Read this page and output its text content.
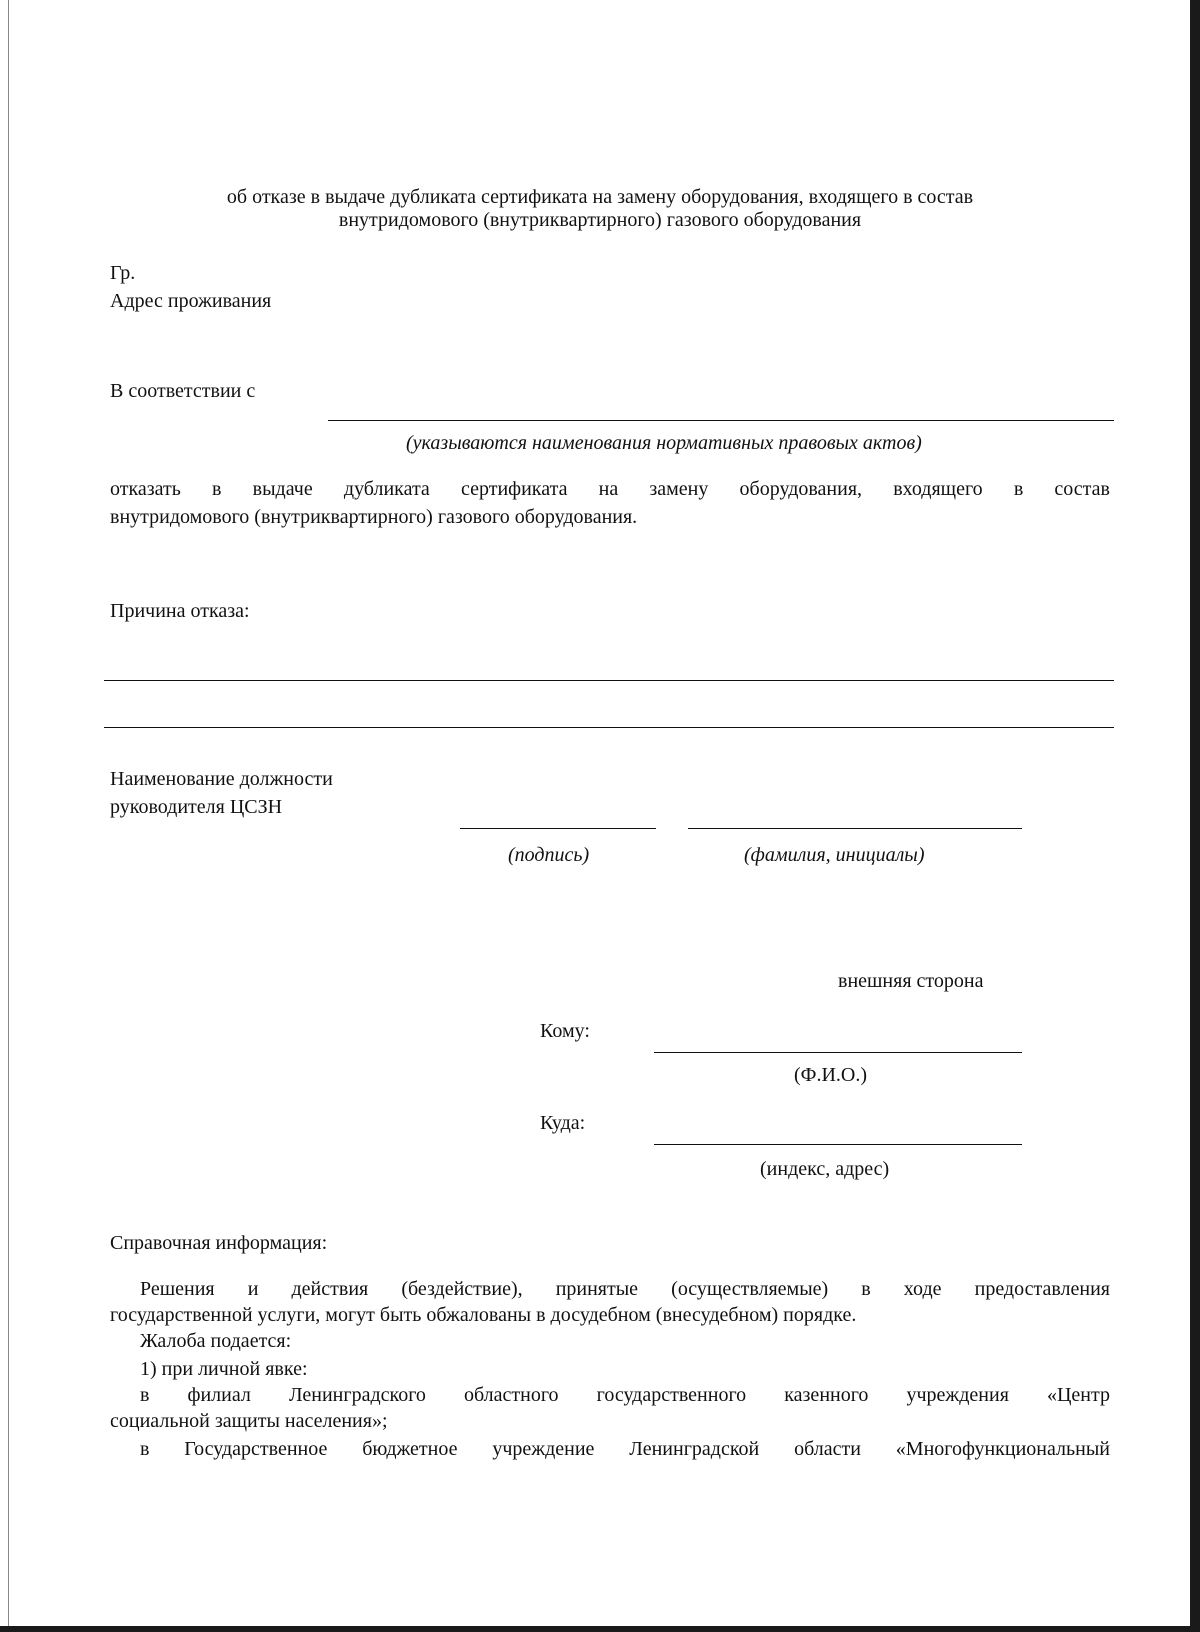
об отказе в выдаче дубликата сертификата на замену оборудования, входящего в состав
внутридомового (внутриквартирного) газового оборудования
Гр.
Адрес проживания
В соответствии с
(указываются наименования нормативных правовых актов)
отказать в выдаче дубликата сертификата на замену оборудования, входящего в состав
внутридомового (внутриквартирного) газового оборудования.
Причина отказа:
Наименование должности
руководителя ЦСЗН
(подпись)	(фамилия, инициалы)
внешняя сторона
Кому:
(Ф.И.О.)
Куда:
(индекс, адрес)
Справочная информация:
Решения и действия (бездействие), принятые (осуществляемые) в ходе предоставления
государственной услуги, могут быть обжалованы в досудебном (внесудебном) порядке.
Жалоба подается:
1) при личной явке:
в филиал Ленинградского областного государственного казенного учреждения «Центр
социальной защиты населения»;
в Государственное бюджетное учреждение Ленинградской области «Многофункциональный
